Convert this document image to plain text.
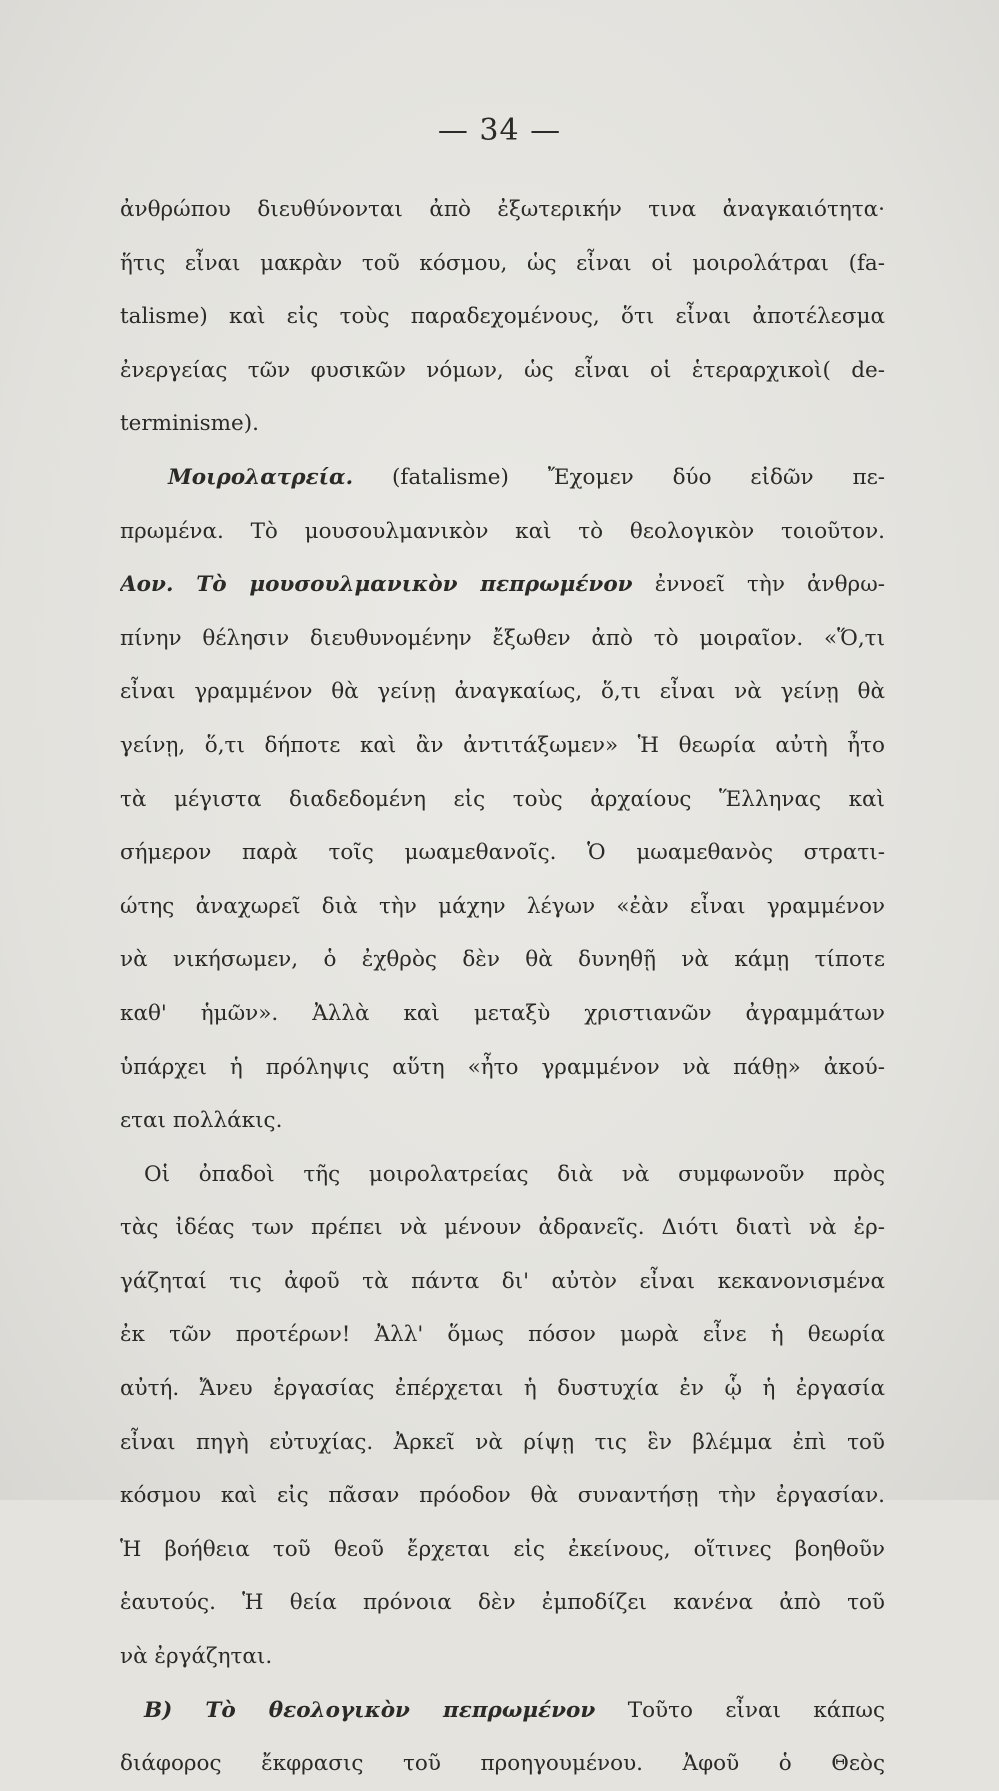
— 34 —
ἀνθρώπου διευθύνονται ἀπὸ ἐξωτερικήν τινα ἀναγκαιότητα·
ἥτις εἶναι μακρὰν τοῦ κόσμου, ὡς εἶναι οἱ μοιρολάτραι (fa-
talisme) καὶ εἰς τοὺς παραδεχομένους, ὅτι εἶναι ἀποτέλεσμα
ἐνεργείας τῶν φυσικῶν νόμων, ὡς εἶναι οἱ ἑτεραρχικοὶ( de-
terminisme).
Μοιρολατρεία. (fatalisme) Ἔχομεν δύο εἰδῶν πε-
πρωμένα. Τὸ μουσουλμανικὸν καὶ τὸ θεολογικὸν τοιοῦτον.
Αον. Τὸ μουσουλμανικὸν πεπρωμένον ἐννοεῖ τὴν ἀνθρω-
πίνην θέλησιν διευθυνομένην ἔξωθεν ἀπὸ τὸ μοιραῖον. «Ὅ,τι
εἶναι γραμμένον θὰ γείνῃ ἀναγκαίως, ὅ,τι εἶναι νὰ γείνῃ θὰ
γείνῃ, ὅ,τι δήποτε καὶ ἂν ἀντιτάξωμεν» Ἡ θεωρία αὐτὴ ἦτο
τὰ μέγιστα διαδεδομένη εἰς τοὺς ἀρχαίους Ἕλληνας καὶ
σήμερον παρὰ τοῖς μωαμεθανοῖς. Ὁ μωαμεθανὸς στρατι-
ώτης ἀναχωρεῖ διὰ τὴν μάχην λέγων «ἐὰν εἶναι γραμμένον
νὰ νικήσωμεν, ὁ ἐχθρὸς δὲν θὰ δυνηθῇ νὰ κάμῃ τίποτε
καθ' ἡμῶν». Ἀλλὰ καὶ μεταξὺ χριστιανῶν ἀγραμμάτων
ὑπάρχει ἡ πρόληψις αὕτη «ἦτο γραμμένον νὰ πάθῃ» ἀκού-
εται πολλάκις.
Οἱ ὀπαδοὶ τῆς μοιρολατρείας διὰ νὰ συμφωνοῦν πρὸς
τὰς ἰδέας των πρέπει νὰ μένουν ἀδρανεῖς. Διότι διατὶ νὰ ἐρ-
γάζηταί τις ἀφοῦ τὰ πάντα δι' αὐτὸν εἶναι κεκανονισμένα
ἐκ τῶν προτέρων! Ἀλλ' ὅμως πόσον μωρὰ εἶνε ἡ θεωρία
αὐτή. Ἄνευ ἐργασίας ἐπέρχεται ἡ δυστυχία ἐν ᾧ ἡ ἐργασία
εἶναι πηγὴ εὐτυχίας. Ἀρκεῖ νὰ ρίψῃ τις ἓν βλέμμα ἐπὶ τοῦ
κόσμου καὶ εἰς πᾶσαν πρόοδον θὰ συναντήσῃ τὴν ἐργασίαν.
Ἡ βοήθεια τοῦ θεοῦ ἔρχεται εἰς ἐκείνους, οἵτινες βοηθοῦν
ἑαυτούς. Ἡ θεία πρόνοια δὲν ἐμποδίζει κανένα ἀπὸ τοῦ
νὰ ἐργάζηται.
Β) Τὸ θεολογικὸν πεπρωμένον Τοῦτο εἶναι κάπως
διάφορος ἔκφρασις τοῦ προηγουμένου. Ἀφοῦ ὁ Θεὸς
